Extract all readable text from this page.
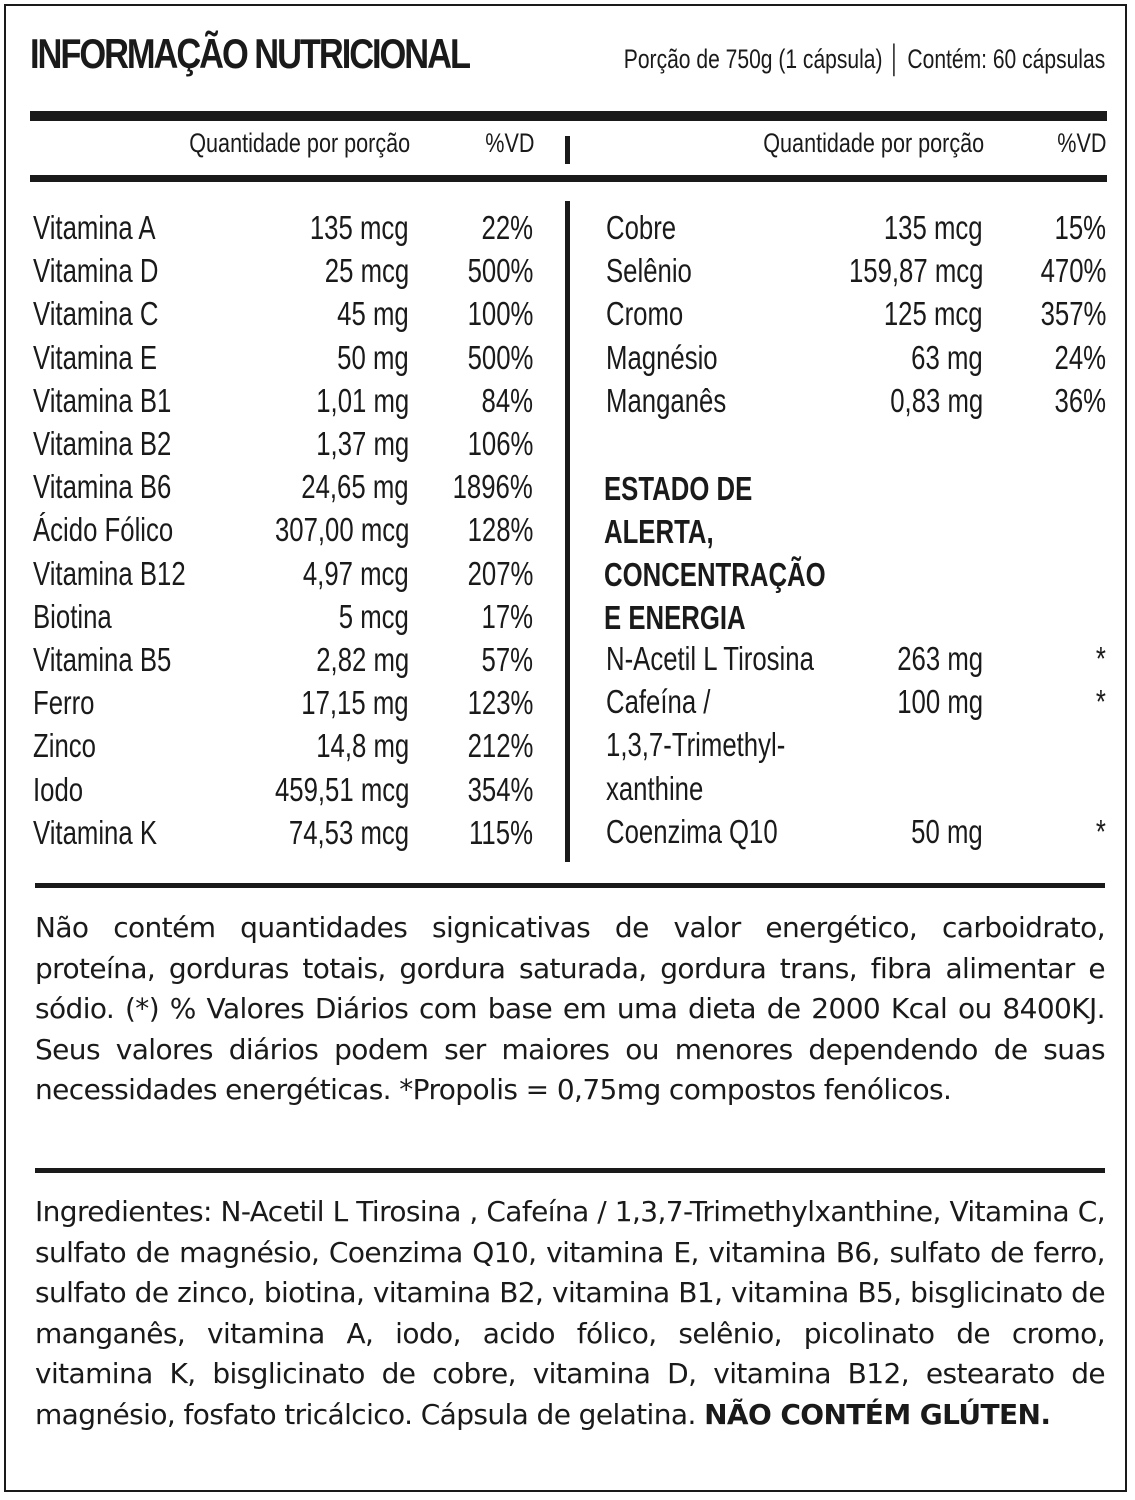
INFORMAÇÃO NUTRICIONAL	Porção de 750g (1 cápsula) │ Contém: 60 cápsulas
Quantidade por porção	%VD	Quantidade por porção	%VD
Vitamina A	135 mcg 22%
Vitamina D	25 mcg 500%
Vitamina C	45 mg 100%
Vitamina E	50 mg 500%
Vitamina B1	1,01 mg 84%
Vitamina B2	1,37 mg 106%
Vitamina B6	24,65 mg 1896%
Ácido Fólico	307,00 mcg 128%
Vitamina B12	4,97 mcg 207%
Biotina	5 mcg 17%
Vitamina B5	2,82 mg 57%
Ferro	17,15 mg 123%
Zinco	14,8 mg 212%
Iodo	459,51 mcg 354%
Vitamina K	74,53 mcg 115%
Cobre	135 mcg 15%
Selênio	159,87 mcg 470%
Cromo	125 mcg 357%
Magnésio	63 mg 24%
Manganês	0,83 mg 36%
ESTADO DE ALERTA, CONCENTRAÇÃO E ENERGIA
N-Acetil L Tirosina	263 mg	*
Cafeína /	100 mg	*
1,3,7-Trimethyl-
xanthine
Coenzima Q10	50 mg	*
Não contém quantidades signicativas de valor energético, carboidrato, proteína, gorduras totais, gordura saturada, gordura trans, fibra alimentar e sódio. (*) % Valores Diários com base em uma dieta de 2000 Kcal ou 8400KJ. Seus valores diários podem ser maiores ou menores dependendo de suas necessidades energéticas. *Propolis = 0,75mg compostos fenólicos.
Ingredientes: N-Acetil L Tirosina , Cafeína / 1,3,7-Trimethylxanthine, Vitamina C, sulfato de magnésio, Coenzima Q10, vitamina E, vitamina B6, sulfato de ferro, sulfato de zinco, biotina, vitamina B2, vitamina B1, vitamina B5, bisglicinato de manganês, vitamina A, iodo, acido fólico, selênio, picolinato de cromo, vitamina K, bisglicinato de cobre, vitamina D, vitamina B12, estearato de magnésio, fosfato tricálcico. Cápsula de gelatina. NÃO CONTÉM GLÚTEN.
